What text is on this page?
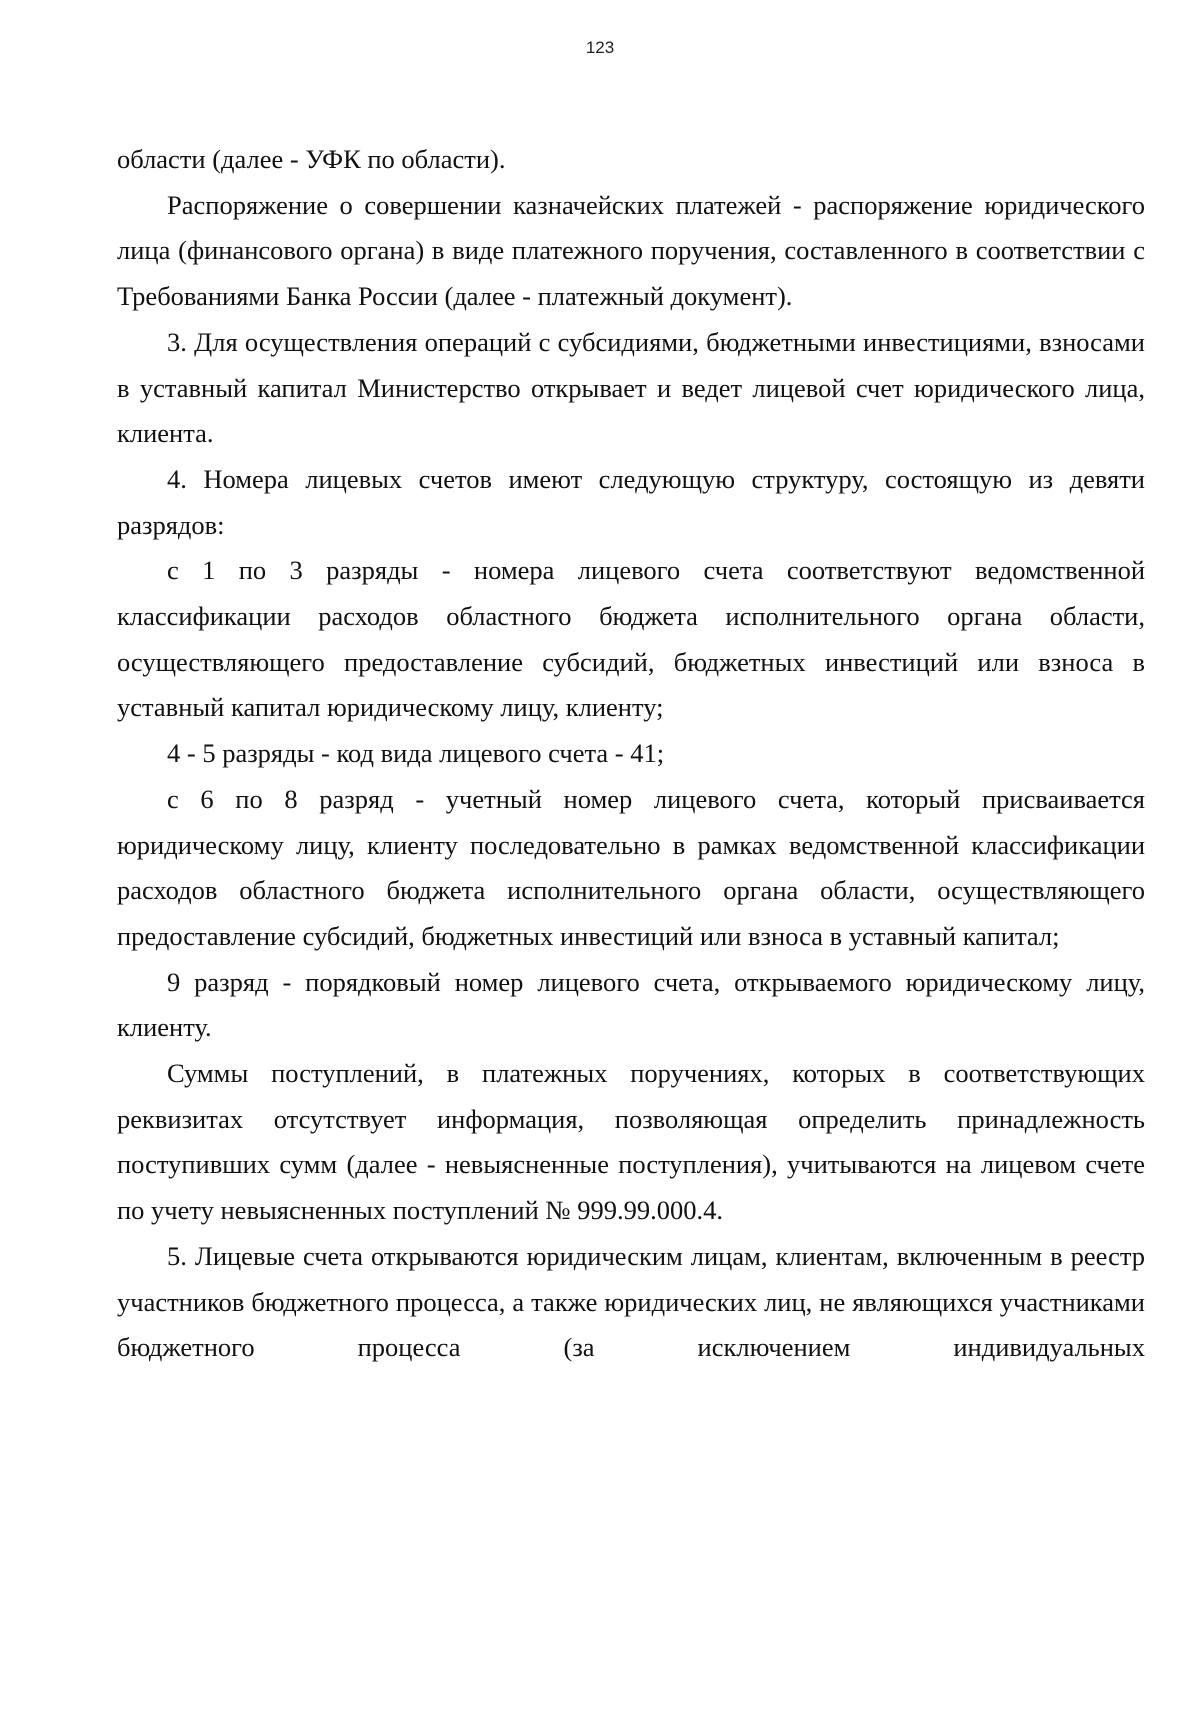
123

области (далее - УФК по области).

Распоряжение о совершении казначейских платежей - распоряжение юридического лица (финансового органа) в виде платежного поручения, составленного в соответствии с Требованиями Банка России (далее - платежный документ).

3. Для осуществления операций с субсидиями, бюджетными инвестициями, взносами в уставный капитал Министерство открывает и ведет лицевой счет юридического лица, клиента.

4. Номера лицевых счетов имеют следующую структуру, состоящую из девяти разрядов:

с 1 по 3 разряды - номера лицевого счета соответствуют ведомственной классификации расходов областного бюджета исполнительного органа области, осуществляющего предоставление субсидий, бюджетных инвестиций или взноса в уставный капитал юридическому лицу, клиенту;

4 - 5 разряды - код вида лицевого счета - 41;

с 6 по 8 разряд - учетный номер лицевого счета, который присваивается юридическому лицу, клиенту последовательно в рамках ведомственной классификации расходов областного бюджета исполнительного органа области, осуществляющего предоставление субсидий, бюджетных инвестиций или взноса в уставный капитал;

9 разряд - порядковый номер лицевого счета, открываемого юридическому лицу, клиенту.

Суммы поступлений, в платежных поручениях, которых в соответствующих реквизитах отсутствует информация, позволяющая определить принадлежность поступивших сумм (далее - невыясненные поступления), учитываются на лицевом счете по учету невыясненных поступлений № 999.99.000.4.

5. Лицевые счета открываются юридическим лицам, клиентам, включенным в реестр участников бюджетного процесса, а также юридических лиц, не являющихся участниками бюджетного процесса (за исключением индивидуальных
